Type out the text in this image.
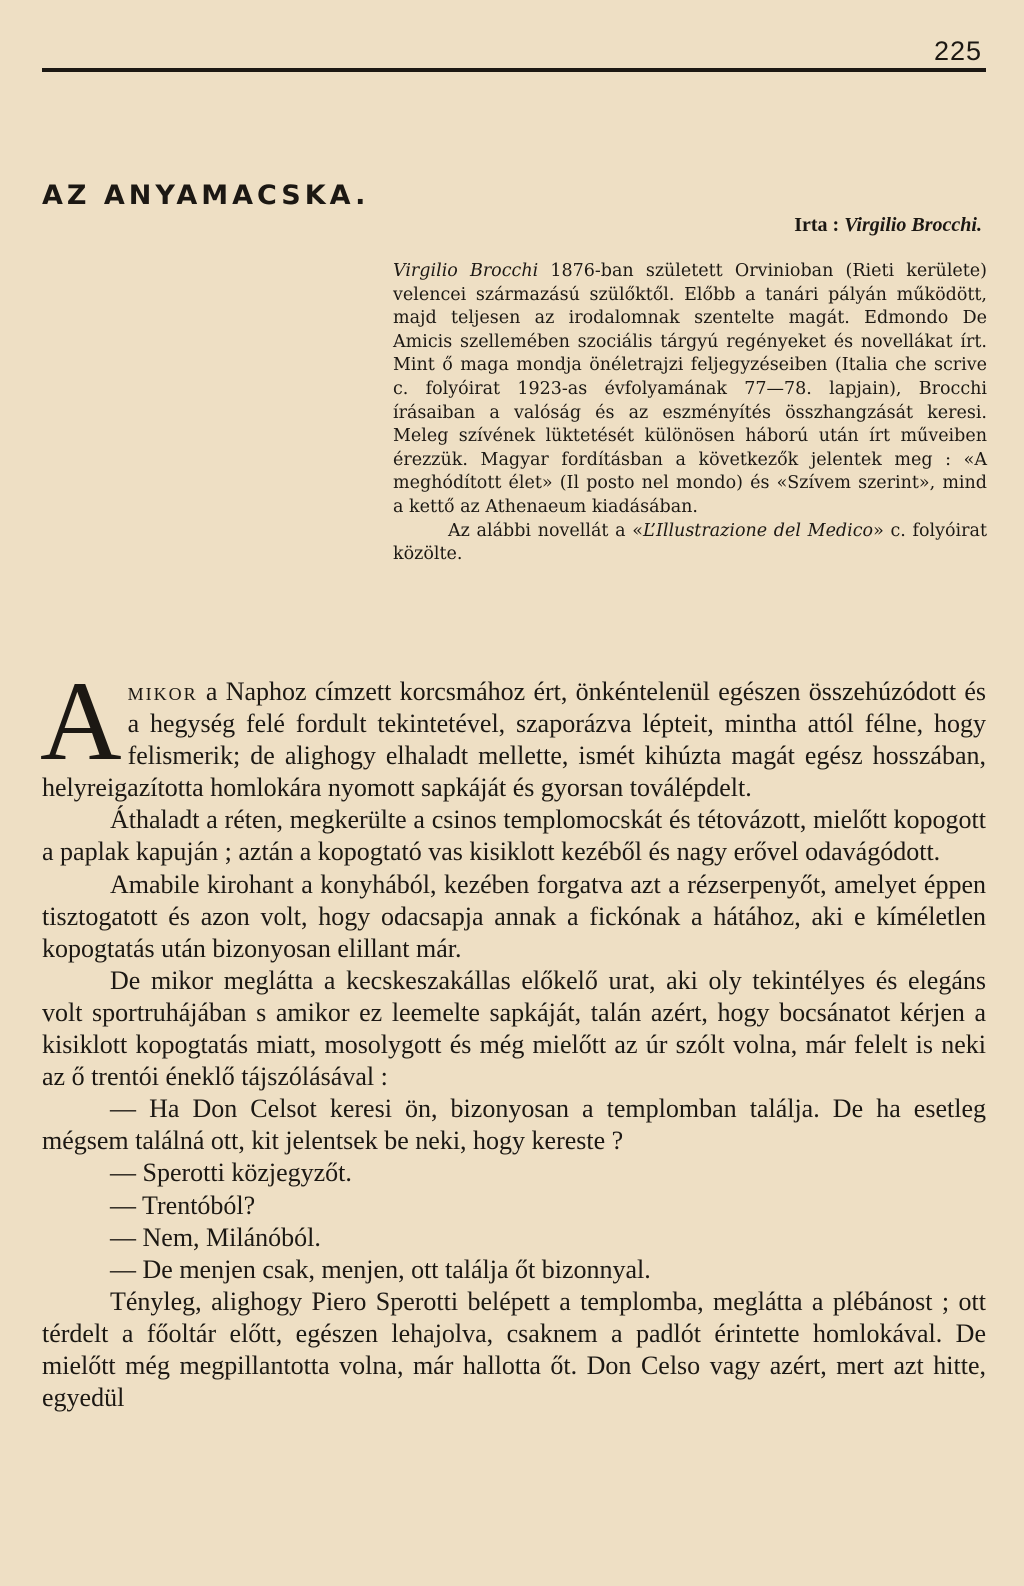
225
AZ ANYAMACSKA.
Irta : Virgilio Brocchi.

Virgilio Brocchi 1876-ban született Orvinioban (Rieti kerülete) velencei származású szülőktől. Előbb a tanári pályán működött, majd teljesen az irodalomnak szentelte magát. Edmondo De Amicis szellemében szociális tárgyú regényeket és novellákat írt. Mint ő maga mondja önéletrajzi feljegyzéseiben (Italia che scrive c. folyóirat 1923-as évfolyamának 77—78. lapjain), Brocchi írásaiban a valóság és az eszményítés összhangzását keresi. Meleg szívének lüktetését különösen háború után írt műveiben érezzük. Magyar fordításban a következők jelentek meg : «A meghódított élet» (Il posto nel mondo) és «Szívem szerint», mind a kettő az Athenaeum kiadásában.

Az alábbi novellát a «L’Illustrazione del Medico» c. folyóirat közölte.

Amikor a Naphoz címzett korcsmához ért, önkéntelenül egészen összehúzódott és a hegység felé fordult tekintetével, szaporázva lépteit, mintha attól félne, hogy felismerik; de alighogy elhaladt mellette, ismét kihúzta magát egész hosszában, helyreigazította homlokára nyomott sapkáját és gyorsan toválépdelt.

Áthaladt a réten, megkerülte a csinos templomocskát és tétovázott, mielőtt kopogott a paplak kapuján ; aztán a kopogtató vas kisiklott kezéből és nagy erővel odavágódott.

Amabile kirohant a konyhából, kezében forgatva azt a rézserpenyőt, amelyet éppen tisztogatott és azon volt, hogy odacsapja annak a fickónak a hátához, aki e kíméletlen kopogtatás után bizonyosan elillant már.

De mikor meglátta a kecskeszakállas előkelő urat, aki oly tekintélyes és elegáns volt sportruhájában s amikor ez leemelte sapkáját, talán azért, hogy bocsánatot kérjen a kisiklott kopogtatás miatt, mosolygott és még mielőtt az úr szólt volna, már felelt is neki az ő trentói éneklő tájszólásával :

— Ha Don Celsot keresi ön, bizonyosan a templomban találja. De ha esetleg mégsem találná ott, kit jelentsek be neki, hogy kereste ?

— Sperotti közjegyzőt.

— Trentóból?

— Nem, Milánóból.

— De menjen csak, menjen, ott találja őt bizonnyal.

Tényleg, alighogy Piero Sperotti belépett a templomba, meglátta a plébánost ; ott térdelt a főoltár előtt, egészen lehajolva, csaknem a padlót érintette homlokával. De mielőtt még megpillantotta volna, már hallotta őt. Don Celso vagy azért, mert azt hitte, egyedül
